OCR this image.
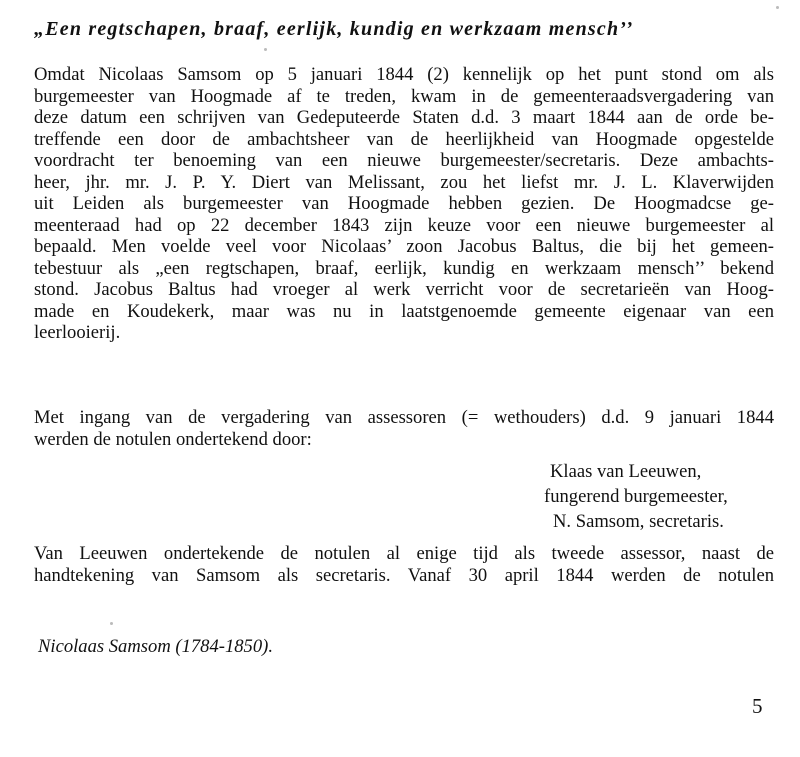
„Een regtschapen, braaf, eerlijk, kundig en werkzaam mensch’’
Omdat Nicolaas Samsom op 5 januari 1844 (2) kennelijk op het punt stond om als
burgemeester van Hoogmade af te treden, kwam in de gemeenteraadsvergadering van
deze datum een schrijven van Gedeputeerde Staten d.d. 3 maart 1844 aan de orde be-
treffende een door de ambachtsheer van de heerlijkheid van Hoogmade opgestelde
voordracht ter benoeming van een nieuwe burgemeester/secretaris. Deze ambachts-
heer, jhr. mr. J. P. Y. Diert van Melissant, zou het liefst mr. J. L. Klaverwijden
uit Leiden als burgemeester van Hoogmade hebben gezien. De Hoogmadcse ge-
meenteraad had op 22 december 1843 zijn keuze voor een nieuwe burgemeester al
bepaald. Men voelde veel voor Nicolaas’ zoon Jacobus Baltus, die bij het gemeen-
tebestuur als „een regtschapen, braaf, eerlijk, kundig en werkzaam mensch’’ bekend
stond. Jacobus Baltus had vroeger al werk verricht voor de secretarieën van Hoog-
made en Koudekerk, maar was nu in laatstgenoemde gemeente eigenaar van een
leerlooierij.
Met ingang van de vergadering van assessoren (= wethouders) d.d. 9 januari 1844
werden de notulen ondertekend door:
Klaas van Leeuwen,
fungerend burgemeester,
N. Samsom, secretaris.
Van Leeuwen ondertekende de notulen al enige tijd als tweede assessor, naast de
handtekening van Samsom als secretaris. Vanaf 30 april 1844 werden de notulen
Nicolaas Samsom (1784-1850).
5
